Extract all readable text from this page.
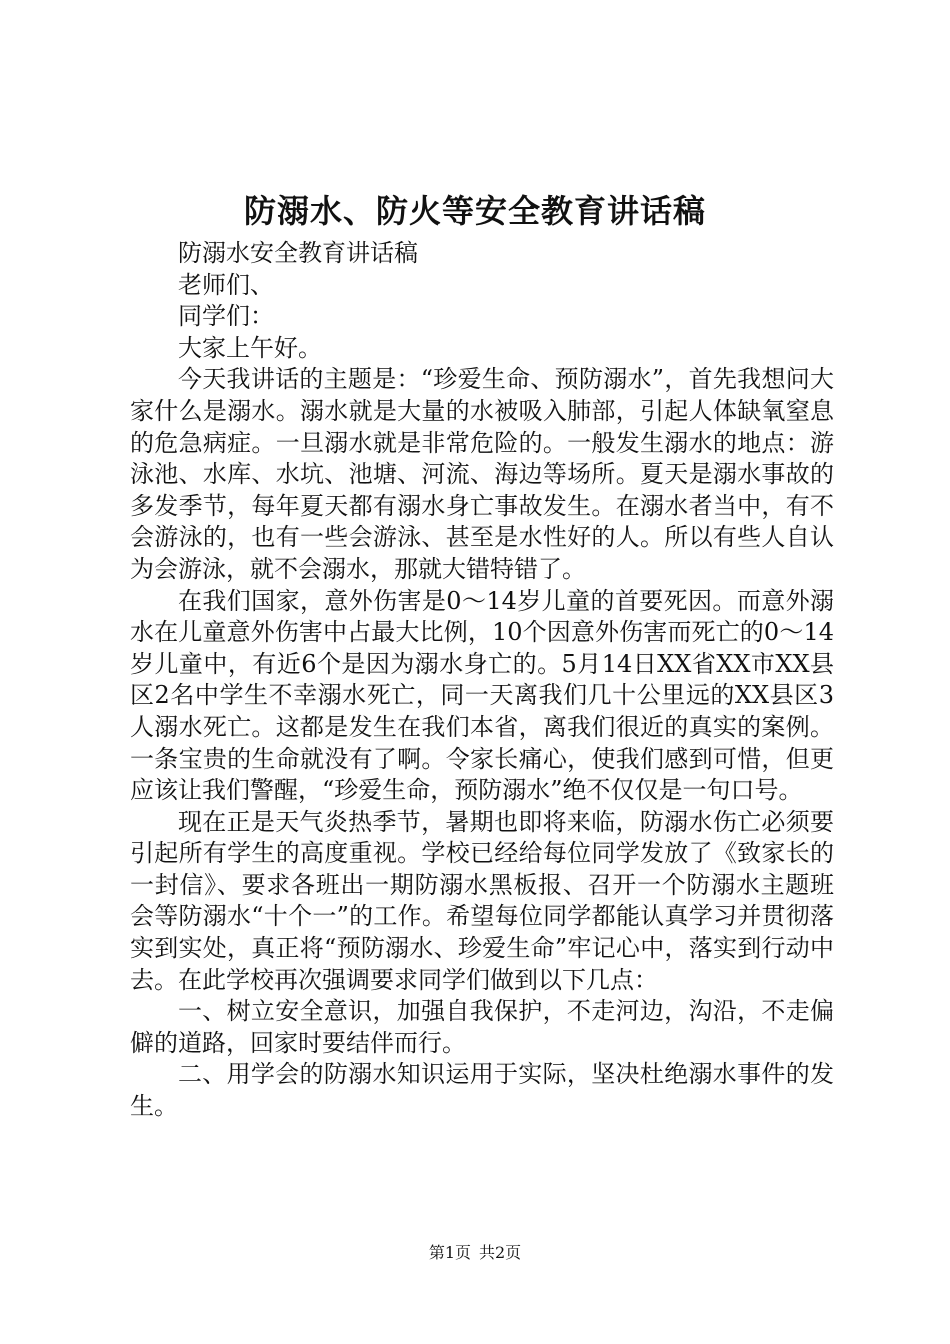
防溺水、防火等安全教育讲话稿

防溺水安全教育讲话稿

老师们、

同学们：

大家上午好。

今天我讲话的主题是：“珍爱生命、预防溺水”，首先我想问大家什么是溺水。溺水就是大量的水被吸入肺部，引起人体缺氧窒息的危急病症。一旦溺水就是非常危险的。一般发生溺水的地点：游泳池、水库、水坑、池塘、河流、海边等场所。夏天是溺水事故的多发季节，每年夏天都有溺水身亡事故发生。在溺水者当中，有不会游泳的，也有一些会游泳、甚至是水性好的人。所以有些人自认为会游泳，就不会溺水，那就大错特错了。

在我们国家，意外伤害是0～14岁儿童的首要死因。而意外溺水在儿童意外伤害中占最大比例，10个因意外伤害而死亡的0～14岁儿童中，有近6个是因为溺水身亡的。5月14日XX省XX市XX县区2名中学生不幸溺水死亡，同一天离我们几十公里远的XX县区3人溺水死亡。这都是发生在我们本省，离我们很近的真实的案例。一条宝贵的生命就没有了啊。令家长痛心，使我们感到可惜，但更应该让我们警醒，“珍爱生命，预防溺水”绝不仅仅是一句口号。

现在正是天气炎热季节，暑期也即将来临，防溺水伤亡必须要引起所有学生的高度重视。学校已经给每位同学发放了《致家长的一封信》、要求各班出一期防溺水黑板报、召开一个防溺水主题班会等防溺水“十个一”的工作。希望每位同学都能认真学习并贯彻落实到实处，真正将“预防溺水、珍爱生命”牢记心中，落实到行动中去。在此学校再次强调要求同学们做到以下几点：

一、树立安全意识，加强自我保护，不走河边，沟沿，不走偏僻的道路，回家时要结伴而行。

二、用学会的防溺水知识运用于实际，坚决杜绝溺水事件的发生。

第1页 共2页
